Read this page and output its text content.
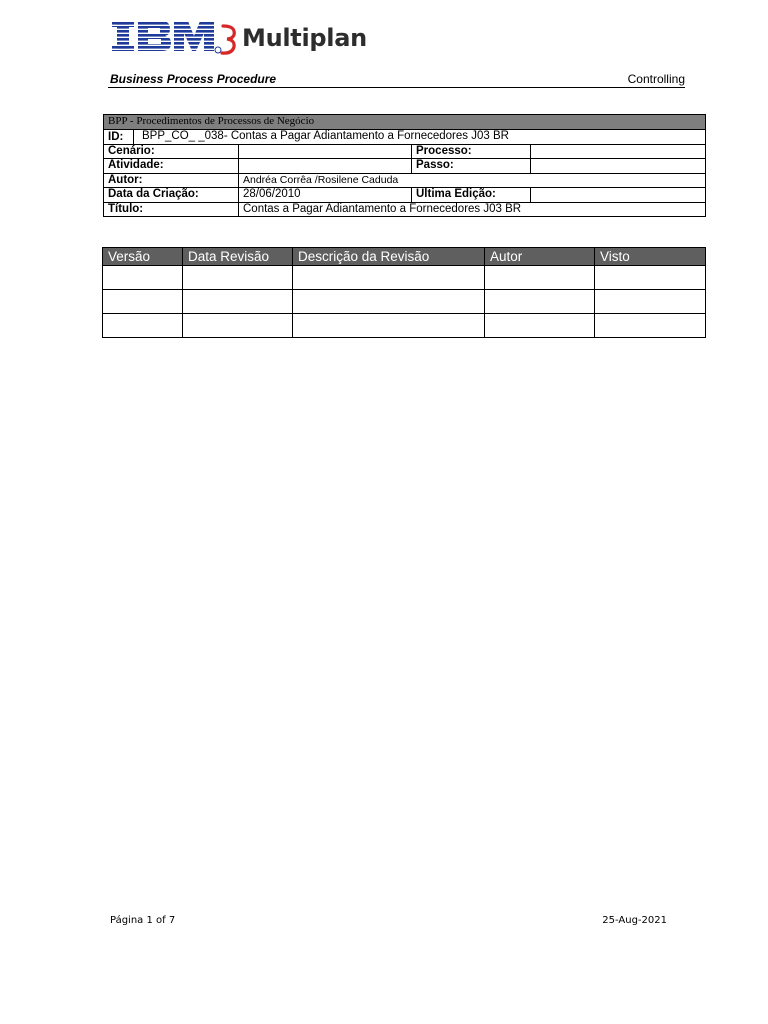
Multiplan
Business Process Procedure	Controlling
BPP - Procedimentos de Processos de Negócio			

ID: BPP_CO_ _038- Contas a Pagar Adiantamento a Fornecedores J03 BR			

Cenário:		Processo:	
Atividade:		Passo:	
Autor:	Andréa Corrêa /Rosilene Caduda		
Data da Criação:	28/06/2010	Ultima Edição:	
Título:	Contas a Pagar Adiantamento a Fornecedores J03 BR		
Versão	Data Revisão	Descrição da Revisão	Autor	Visto

Página 1 of 7	25-Aug-2021
